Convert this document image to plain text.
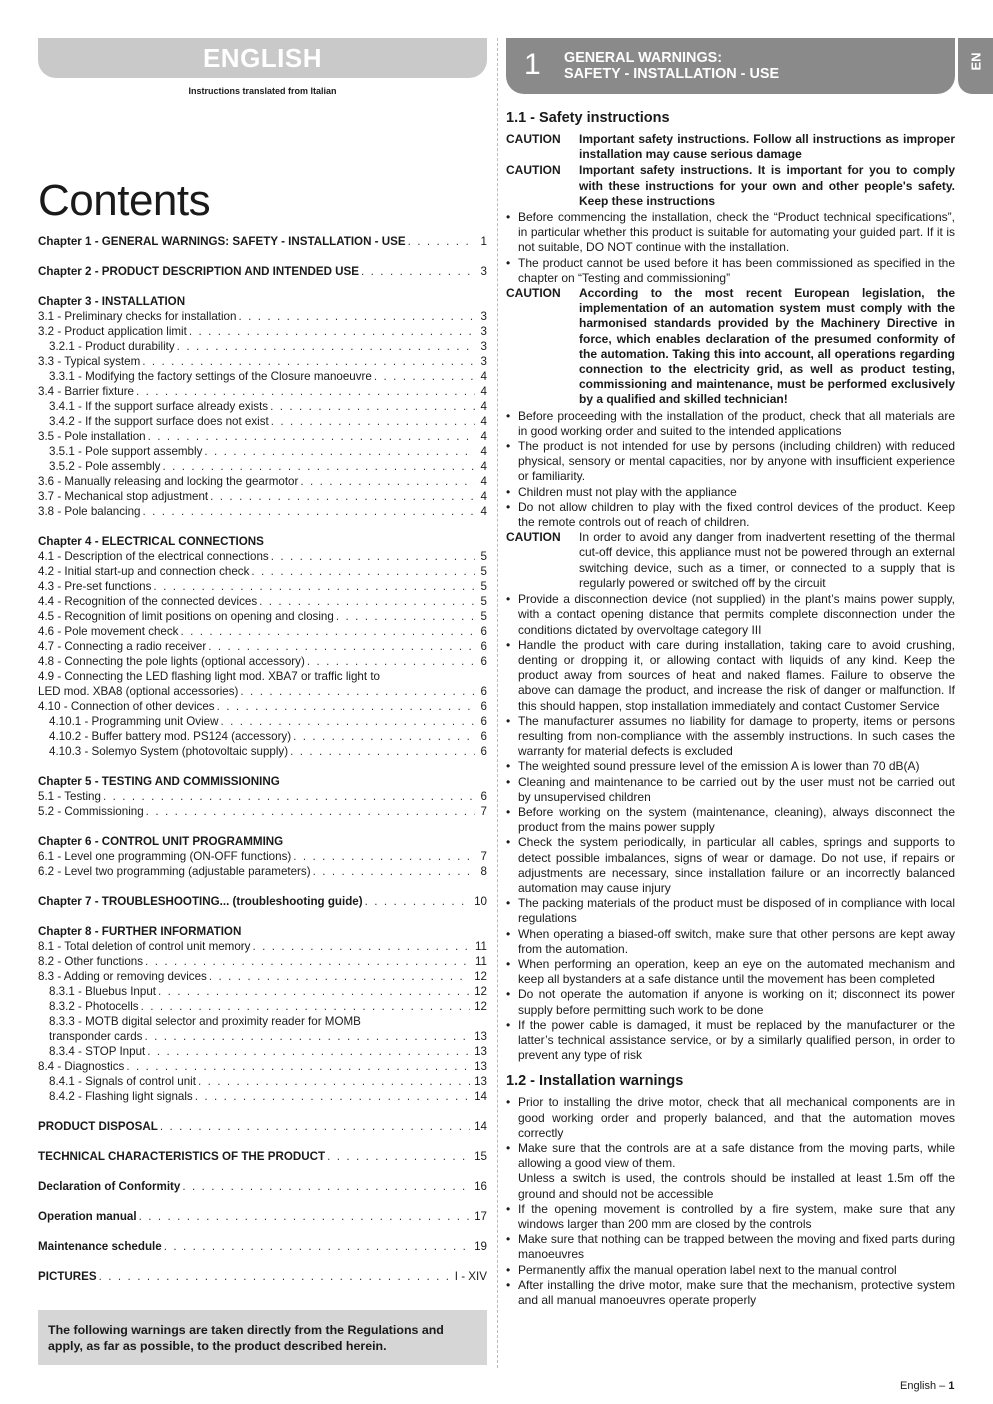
ENGLISH
Instructions translated from Italian
Contents
Chapter 1 - GENERAL WARNINGS: SAFETY - INSTALLATION - USE . . .	1
Chapter 2 - PRODUCT DESCRIPTION AND INTENDED USE . . .	3
Chapter 3 - INSTALLATION
3.1 - Preliminary checks for installation . . .	3
3.2 - Product application limit . . .	3
3.2.1 - Product durability . . .	3
3.3 - Typical system . . .	3
3.3.1 - Modifying the factory settings of the Closure manoeuvre . . .	4
3.4 - Barrier fixture . . .	4
3.4.1 - If the support surface already exists . . .	4
3.4.2 - If the support surface does not exist . . .	4
3.5 - Pole installation . . .	4
3.5.1 - Pole support assembly . . .	4
3.5.2 - Pole assembly . . .	4
3.6 - Manually releasing and locking the gearmotor . . .	4
3.7 - Mechanical stop adjustment . . .	4
3.8 - Pole balancing . . .	4
Chapter 4 - ELECTRICAL CONNECTIONS
4.1 - Description of the electrical connections . . .	5
4.2 - Initial start-up and connection check . . .	5
4.3 - Pre-set functions . . .	5
4.4 - Recognition of the connected devices . . .	5
4.5 - Recognition of limit positions on opening and closing . . .	5
4.6 - Pole movement check . . .	6
4.7 - Connecting a radio receiver . . .	6
4.8 - Connecting the pole lights (optional accessory) . . .	6
4.9 - Connecting the LED flashing light mod. XBA7 or traffic light to
LED mod. XBA8 (optional accessories) . . .	6
4.10 - Connection of other devices . . .	6
4.10.1 - Programming unit Oview . . .	6
4.10.2 - Buffer battery mod. PS124 (accessory) . . .	6
4.10.3 - Solemyo System (photovoltaic supply) . . .	6
Chapter 5 - TESTING AND COMMISSIONING
5.1 - Testing . . .	6
5.2 - Commissioning . . .	7
Chapter 6 - CONTROL UNIT PROGRAMMING
6.1 - Level one programming (ON-OFF functions) . . .	7
6.2 - Level two programming (adjustable parameters) . . .	8
Chapter 7 - TROUBLESHOOTING... (troubleshooting guide) . . .	10
Chapter 8 - FURTHER INFORMATION
8.1 - Total deletion of control unit memory . . .	11
8.2 - Other functions . . .	11
8.3 - Adding or removing devices . . .	12
8.3.1 - Bluebus Input . . .	12
8.3.2 - Photocells . . .	12
8.3.3 - MOTB digital selector and proximity reader for MOMB
transponder cards . . .	13
8.3.4 - STOP Input . . .	13
8.4 - Diagnostics . . .	13
8.4.1 - Signals of control unit . . .	13
8.4.2 - Flashing light signals . . .	14
PRODUCT DISPOSAL . . .	14
TECHNICAL CHARACTERISTICS OF THE PRODUCT . . .	15
Declaration of Conformity . . .	16
Operation manual . . .	17
Maintenance schedule . . .	19
PICTURES . . .	I - XIV
The following warnings are taken directly from the Regulations and apply, as far as possible, to the product described herein.
1 GENERAL WARNINGS:
SAFETY - INSTALLATION - USE
1.1 - Safety instructions
CAUTION	Important safety instructions. Follow all instructions as improper installation may cause serious damage
CAUTION	Important safety instructions. It is important for you to comply with these instructions for your own and other people's safety. Keep these instructions
• Before commencing the installation, check the “Product technical specifications”, in particular whether this product is suitable for automating your guided part. If it is not suitable, DO NOT continue with the installation.
• The product cannot be used before it has been commissioned as specified in the chapter on “Testing and commissioning”
CAUTION	According to the most recent European legislation, the implementation of an automation system must comply with the harmonised standards provided by the Machinery Directive in force, which enables declaration of the presumed conformity of the automation. Taking this into account, all operations regarding connection to the electricity grid, as well as product testing, commissioning and maintenance, must be performed exclusively by a qualified and skilled technician!
• Before proceeding with the installation of the product, check that all materials are in good working order and suited to the intended applications
• The product is not intended for use by persons (including children) with reduced physical, sensory or mental capacities, nor by anyone with insufficient experience or familiarity.
• Children must not play with the appliance
• Do not allow children to play with the fixed control devices of the product. Keep the remote controls out of reach of children.
CAUTION	In order to avoid any danger from inadvertent resetting of the thermal cut-off device, this appliance must not be powered through an external switching device, such as a timer, or connected to a supply that is regularly powered or switched off by the circuit
• Provide a disconnection device (not supplied) in the plant’s mains power supply, with a contact opening distance that permits complete disconnection under the conditions dictated by overvoltage category III
• Handle the product with care during installation, taking care to avoid crushing, denting or dropping it, or allowing contact with liquids of any kind. Keep the product away from sources of heat and naked flames. Failure to observe the above can damage the product, and increase the risk of danger or malfunction. If this should happen, stop installation immediately and contact Customer Service
• The manufacturer assumes no liability for damage to property, items or persons resulting from non-compliance with the assembly instructions. In such cases the warranty for material defects is excluded
• The weighted sound pressure level of the emission A is lower than 70 dB(A)
• Cleaning and maintenance to be carried out by the user must not be carried out by unsupervised children
• Before working on the system (maintenance, cleaning), always disconnect the product from the mains power supply
• Check the system periodically, in particular all cables, springs and supports to detect possible imbalances, signs of wear or damage. Do not use, if repairs or adjustments are necessary, since installation failure or an incorrectly balanced automation may cause injury
• The packing materials of the product must be disposed of in compliance with local regulations
• When operating a biased-off switch, make sure that other persons are kept away from the automation.
• When performing an operation, keep an eye on the automated mechanism and keep all bystanders at a safe distance until the movement has been completed
• Do not operate the automation if anyone is working on it; disconnect its power supply before permitting such work to be done
• If the power cable is damaged, it must be replaced by the manufacturer or the latter’s technical assistance service, or by a similarly qualified person, in order to prevent any type of risk
1.2 - Installation warnings
• Prior to installing the drive motor, check that all mechanical components are in good working order and properly balanced, and that the automation moves correctly
• Make sure that the controls are at a safe distance from the moving parts, while allowing a good view of them.
Unless a switch is used, the controls should be installed at least 1.5m off the ground and should not be accessible
• If the opening movement is controlled by a fire system, make sure that any windows larger than 200 mm are closed by the controls
• Make sure that nothing can be trapped between the moving and fixed parts during manoeuvres
• Permanently affix the manual operation label next to the manual control
• After installing the drive motor, make sure that the mechanism, protective system and all manual manoeuvres operate properly
EN
English – 1
